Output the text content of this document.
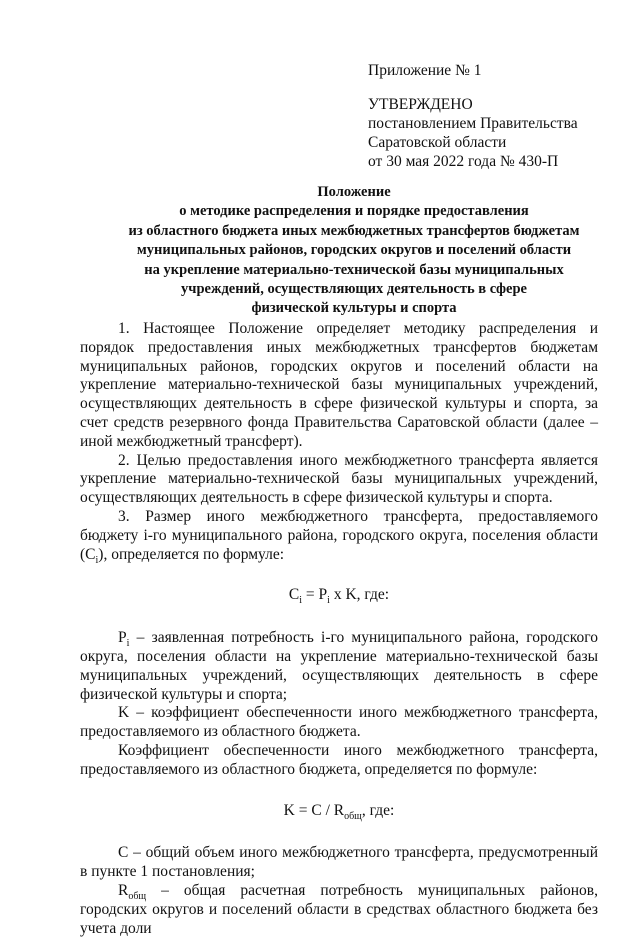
Приложение № 1
УТВЕРЖДЕНО
постановлением Правительства
Саратовской области
от 30 мая 2022 года № 430-П
Положение
о методике распределения и порядке предоставления
из областного бюджета иных межбюджетных трансфертов бюджетам
муниципальных районов, городских округов и поселений области
на укрепление материально-технической базы муниципальных
учреждений, осуществляющих деятельность в сфере
физической культуры и спорта

1. Настоящее Положение определяет методику распределения и порядок предоставления иных межбюджетных трансфертов бюджетам муниципальных районов, городских округов и поселений области на укрепление материально-технической базы муниципальных учреждений, осуществляющих деятельность в сфере физической культуры и спорта, за счет средств резервного фонда Правительства Саратовской области (далее – иной межбюджетный трансферт).

2. Целью предоставления иного межбюджетного трансферта является укрепление материально-технической базы муниципальных учреждений, осуществляющих деятельность в сфере физической культуры и спорта.

3. Размер иного межбюджетного трансферта, предоставляемого бюджету i-го муниципального района, городского округа, поселения области $(C_i)$, определяется по формуле:

$C_i = P_i$ x K, где:

$P_i$ – заявленная потребность i-го муниципального района, городского округа, поселения области на укрепление материально-технической базы муниципальных учреждений, осуществляющих деятельность в сфере физической культуры и спорта;

K – коэффициент обеспеченности иного межбюджетного трансферта, предоставляемого из областного бюджета.

Коэффициент обеспеченности иного межбюджетного трансферта, предоставляемого из областного бюджета, определяется по формуле:

$K = C / R_{общ}$, где:

C – общий объем иного межбюджетного трансферта, предусмотренный в пункте 1 постановления;

$R_{общ}$ – общая расчетная потребность муниципальных районов, городских округов и поселений области в средствах областного бюджета без учета доли
